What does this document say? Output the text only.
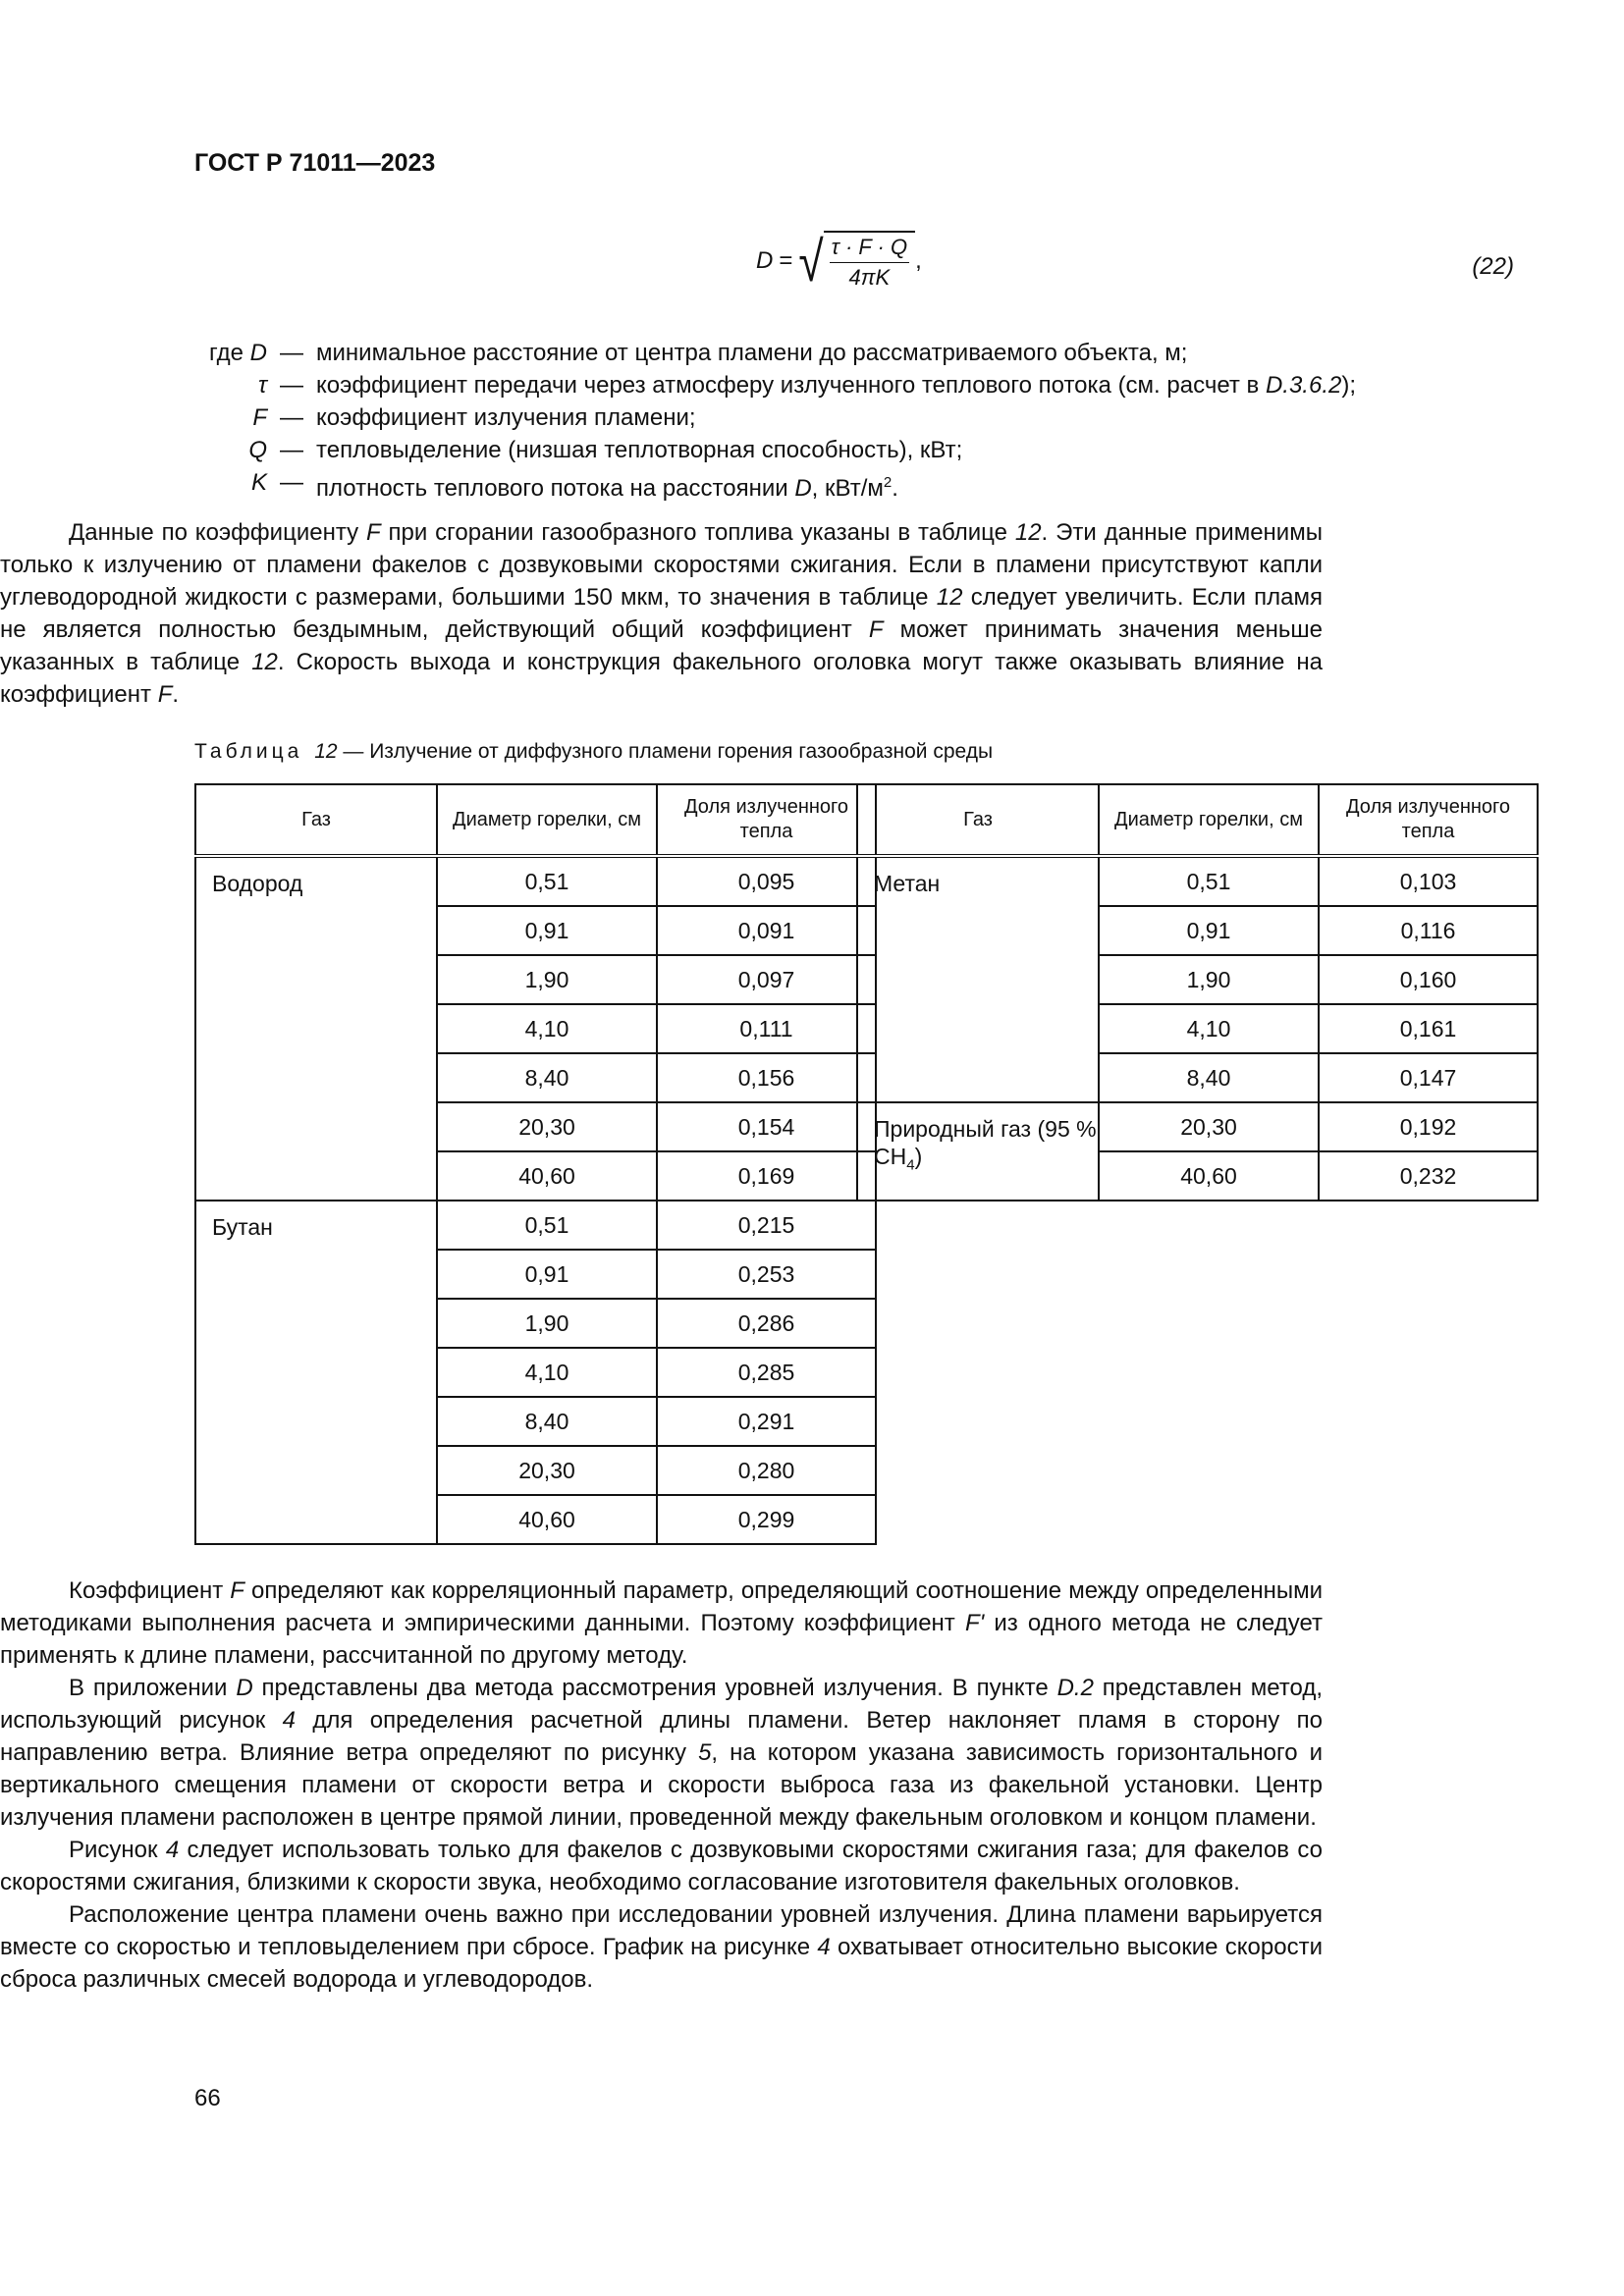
ГОСТ Р 71011—2023
D = √ $\frac{\tau \cdot F \cdot Q}{4\pi K}$ ,	(22)
где D — минимальное расстояние от центра пламени до рассматриваемого объекта, м;
τ — коэффициент передачи через атмосферу излученного теплового потока (см. расчет в D.3.6.2);
F — коэффициент излучения пламени;
Q — тепловыделение (низшая теплотворная способность), кВт;
K — плотность теплового потока на расстоянии D, кВт/$м^2$.
Данные по коэффициенту F при сгорании газообразного топлива указаны в таблице 12. Эти данные применимы только к излучению от пламени факелов с дозвуковыми скоростями сжигания. Если в пламени присутствуют капли углеводородной жидкости с размерами, большими 150 мкм, то значения в таблице 12 следует увеличить. Если пламя не является полностью бездымным, действующий общий коэффициент F может принимать значения меньше указанных в таблице 12. Скорость выхода и конструкция факельного оголовка могут также оказывать влияние на коэффициент F.
Таблица 12 — Излучение от диффузного пламени горения газообразной среды
Газ	Диаметр горелки, см	Доля излученного тепла
Водород	0,51	0,095
	0,91	0,091
	1,90	0,097
	4,10	0,111
	8,40	0,156
	20,30	0,154
	40,60	0,169
Бутан	0,51	0,215
	0,91	0,253
	1,90	0,286
	4,10	0,285
	8,40	0,291
	20,30	0,280
	40,60	0,299
Газ	Диаметр горелки, см	Доля излученного тепла
Метан	0,51	0,103
	0,91	0,116
	1,90	0,160
	4,10	0,161
	8,40	0,147
Природный газ (95 % $CH_4$)	20,30	0,192
	40,60	0,232
Коэффициент F определяют как корреляционный параметр, определяющий соотношение между определенными методиками выполнения расчета и эмпирическими данными. Поэтому коэффициент F' из одного метода не следует применять к длине пламени, рассчитанной по другому методу.
В приложении D представлены два метода рассмотрения уровней излучения. В пункте D.2 представлен метод, использующий рисунок 4 для определения расчетной длины пламени. Ветер наклоняет пламя в сторону по направлению ветра. Влияние ветра определяют по рисунку 5, на котором указана зависимость горизонтального и вертикального смещения пламени от скорости ветра и скорости выброса газа из факельной установки. Центр излучения пламени расположен в центре прямой линии, проведенной между факельным оголовком и концом пламени.
Рисунок 4 следует использовать только для факелов с дозвуковыми скоростями сжигания газа; для факелов со скоростями сжигания, близкими к скорости звука, необходимо согласование изготовителя факельных оголовков.
Расположение центра пламени очень важно при исследовании уровней излучения. Длина пламени варьируется вместе со скоростью и тепловыделением при сбросе. График на рисунке 4 охватывает относительно высокие скорости сброса различных смесей водорода и углеводородов.
66
